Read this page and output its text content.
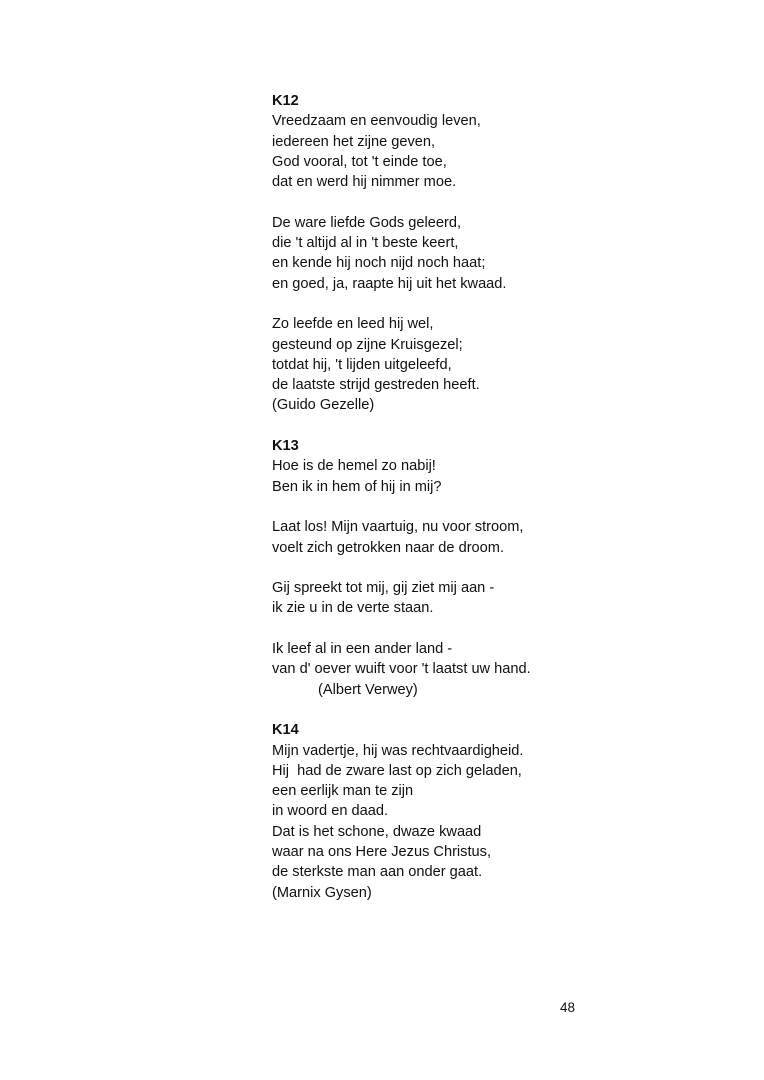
K12
Vreedzaam en eenvoudig leven,
iedereen het zijne geven,
God vooral, tot 't einde toe,
dat en werd hij nimmer moe.
De ware liefde Gods geleerd,
die 't altijd al in 't beste keert,
en kende hij noch nijd noch haat;
en goed, ja, raapte hij uit het kwaad.
Zo leefde en leed hij wel,
gesteund op zijne Kruisgezel;
totdat hij, 't lijden uitgeleefd,
de laatste strijd gestreden heeft.
(Guido Gezelle)
K13
Hoe is de hemel zo nabij!
Ben ik in hem of hij in mij?
Laat los! Mijn vaartuig, nu voor stroom,
voelt zich getrokken naar de droom.
Gij spreekt tot mij, gij ziet mij aan -
ik zie u in de verte staan.
Ik leef al in een ander land -
van d' oever wuift voor 't laatst uw hand.
(Albert Verwey)
K14
Mijn vadertje, hij was rechtvaardigheid.
Hij  had de zware last op zich geladen,
een eerlijk man te zijn
in woord en daad.
Dat is het schone, dwaze kwaad
waar na ons Here Jezus Christus,
de sterkste man aan onder gaat.
(Marnix Gysen)
48
